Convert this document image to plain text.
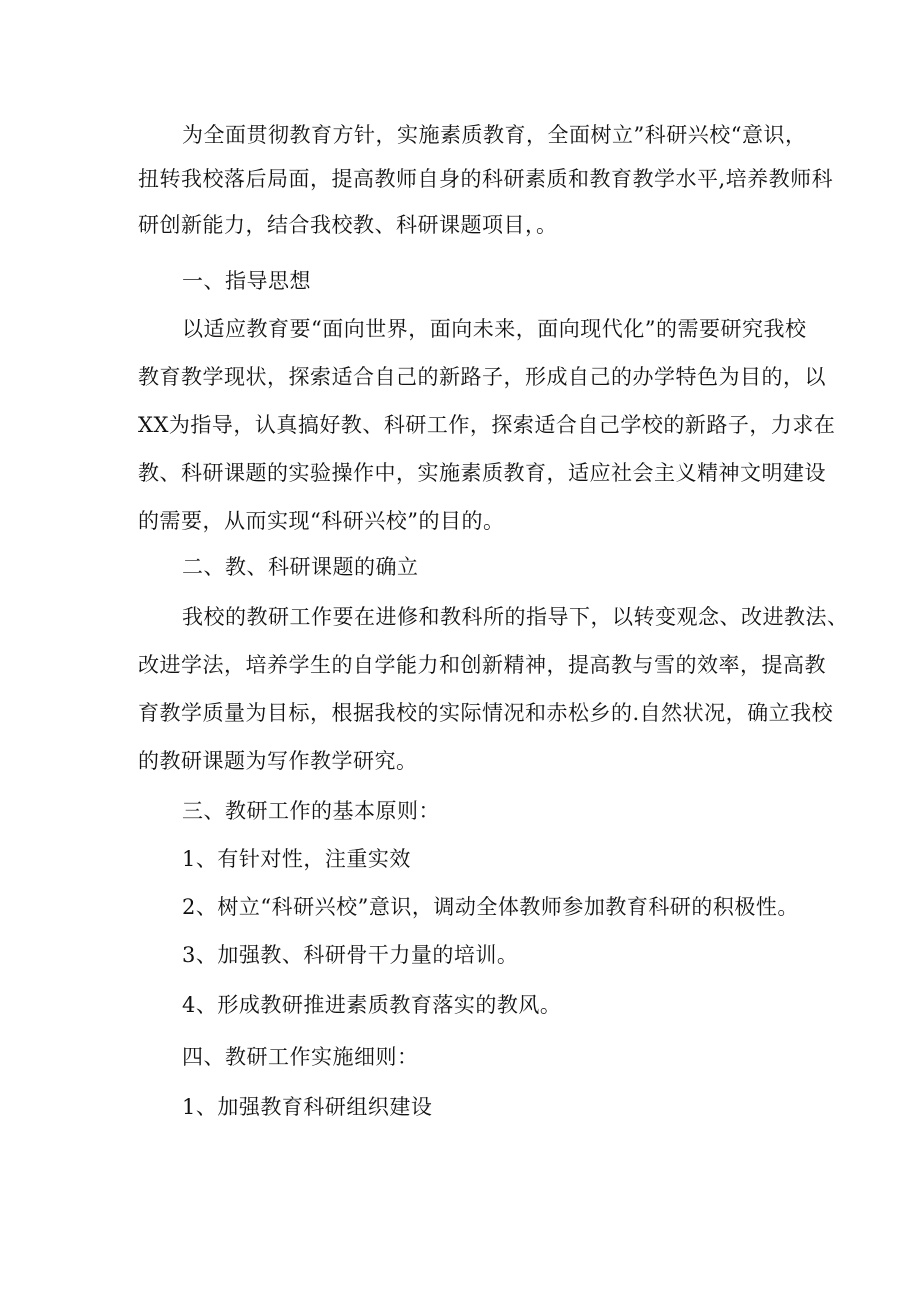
为全面贯彻教育方针，实施素质教育，全面树立”科研兴校“意识，
扭转我校落后局面，提高教师自身的科研素质和教育教学水平,培养教师科
研创新能力，结合我校教、科研课题项目，。
一、指导思想
以适应教育要“面向世界，面向未来，面向现代化”的需要研究我校
教育教学现状，探索适合自己的新路子，形成自己的办学特色为目的，以
XX为指导，认真搞好教、科研工作，探索适合自己学校的新路子，力求在
教、科研课题的实验操作中，实施素质教育，适应社会主义精神文明建设
的需要，从而实现“科研兴校”的目的。
二、教、科研课题的确立
我校的教研工作要在进修和教科所的指导下，以转变观念、改进教法、
改进学法，培养学生的自学能力和创新精神，提高教与雪的效率，提高教
育教学质量为目标，根据我校的实际情况和赤松乡的.自然状况，确立我校
的教研课题为写作教学研究。
三、教研工作的基本原则：
1、有针对性，注重实效
2、树立“科研兴校”意识，调动全体教师参加教育科研的积极性。
3、加强教、科研骨干力量的培训。
4、形成教研推进素质教育落实的教风。
四、教研工作实施细则：
1、加强教育科研组织建设
